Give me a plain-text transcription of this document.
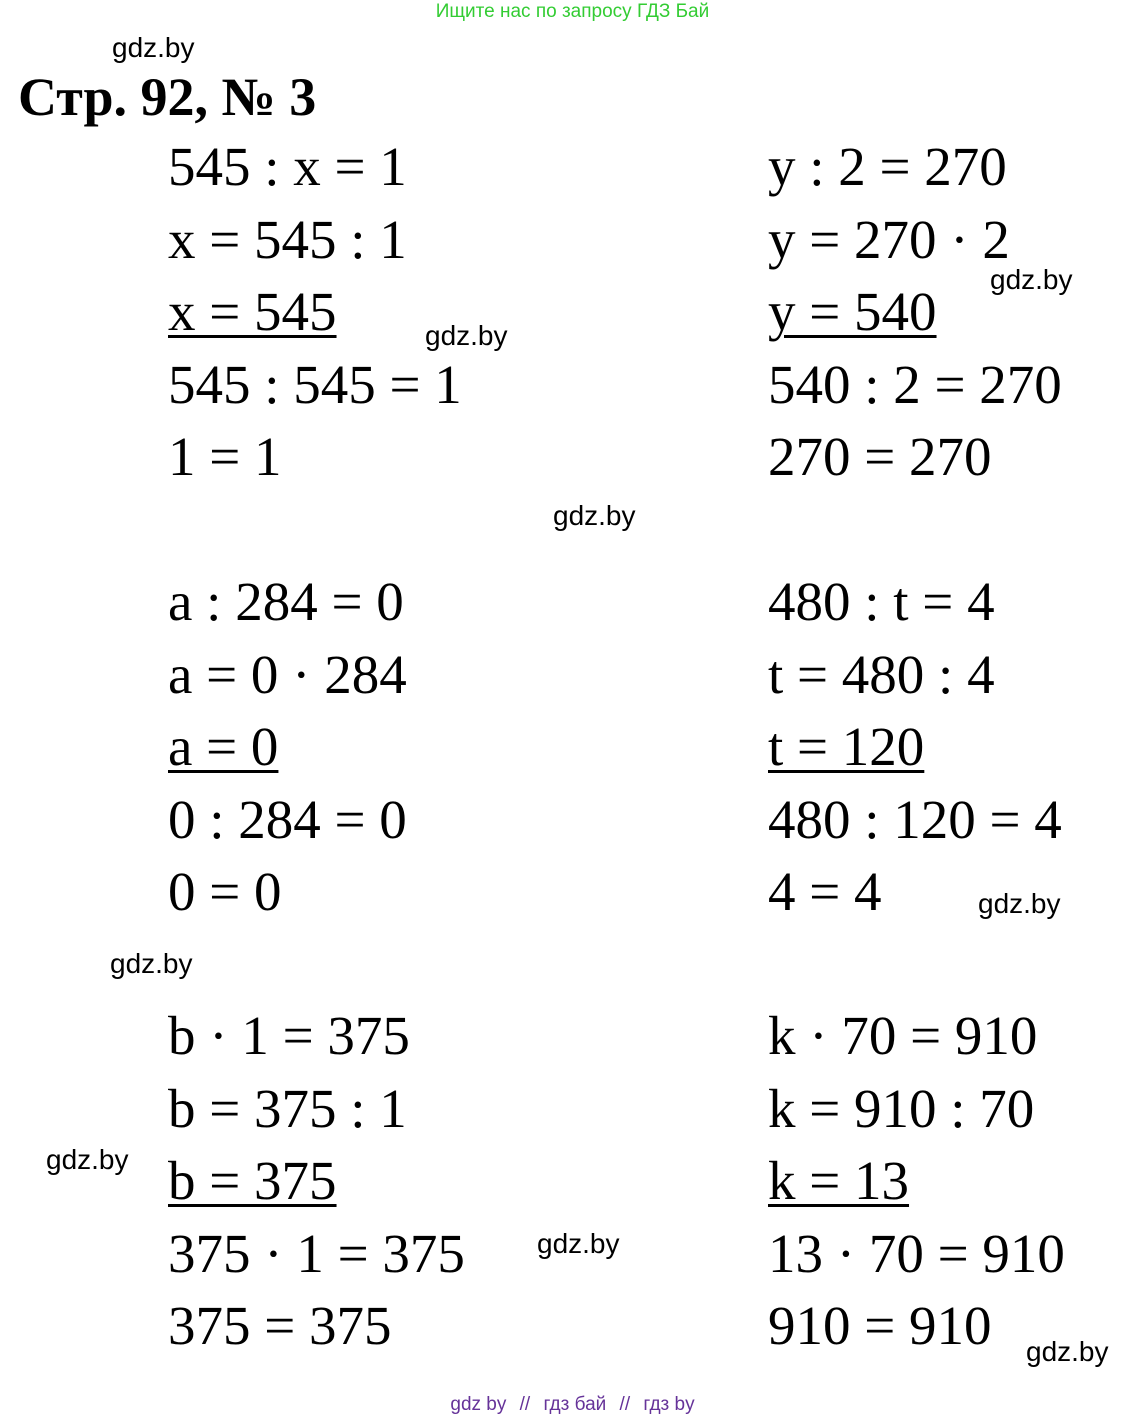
Ищите нас по запросу ГДЗ Бай
gdz.by
Стр. 92, № 3
545 : x = 1
x = 545 : 1
x = 545
545 : 545 = 1
1 = 1
y : 2 = 270
y = 270 · 2
y = 540
540 : 2 = 270
270 = 270
a : 284 = 0
a = 0 · 284
a = 0
0 : 284 = 0
0 = 0
480 : t = 4
t = 480 : 4
t = 120
480 : 120 = 4
4 = 4
b · 1 = 375
b = 375 : 1
b = 375
375 · 1 = 375
375 = 375
k · 70 = 910
k = 910 : 70
k = 13
13 · 70 = 910
910 = 910
gdz.by
gdz.by
gdz.by
gdz.by
gdz.by
gdz.by
gdz.by
gdz.by
gdz by // гдз бай // гдз by
